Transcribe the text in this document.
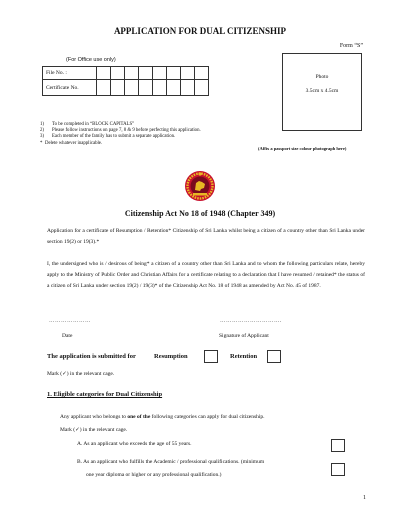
APPLICATION FOR DUAL CITIZENSHIP
Form “S”
(For Office use only)
File No. :								
Certificate No.								
Photo
3.5cm x 4.5cm
(Affix a passport size colour photograph here)
1)	To be completed in “BLOCK CAPITALS”
2)	Please follow instructions on page 7, 8 & 9 before perfecting this application.
3)	Each member of the family has to submit a separate application.
* Delete whatever inapplicable.
Citizenship Act No 18 of 1948 (Chapter 349)
Application for a certificate of Resumption / Retention* Citizenship of Sri Lanka whilst being a citizen of a country other than Sri Lanka under section 19(2) or 19(3).*
I, the undersigned who is / desirous of being* a citizen of a country other than Sri Lanka and to whom the following particulars relate, hereby apply to the Ministry of Public Order and Christian Affairs for a certificate relating to a declaration that I have resumed / retained* the status of a citizen of Sri Lanka under section 19(2) / 19(3)* of the Citizenship Act No. 18 of 1948 as amended by Act No. 45 of 1987.
…………………	………………………….
Date	Signature of Applicant
The application is submitted for	Resumption	Retention
Mark (✓) in the relevant cage.
1. Eligible categories for Dual Citizenship
Any applicant who belongs to one of the following categories can apply for dual citizenship.
Mark (✓) in the relevant cage.
A. As an applicant who exceeds the age of 55 years.
B. As an applicant who fulfills the Academic / professional qualifications. (minimum
one year diploma or higher or any professional qualification.)
1
